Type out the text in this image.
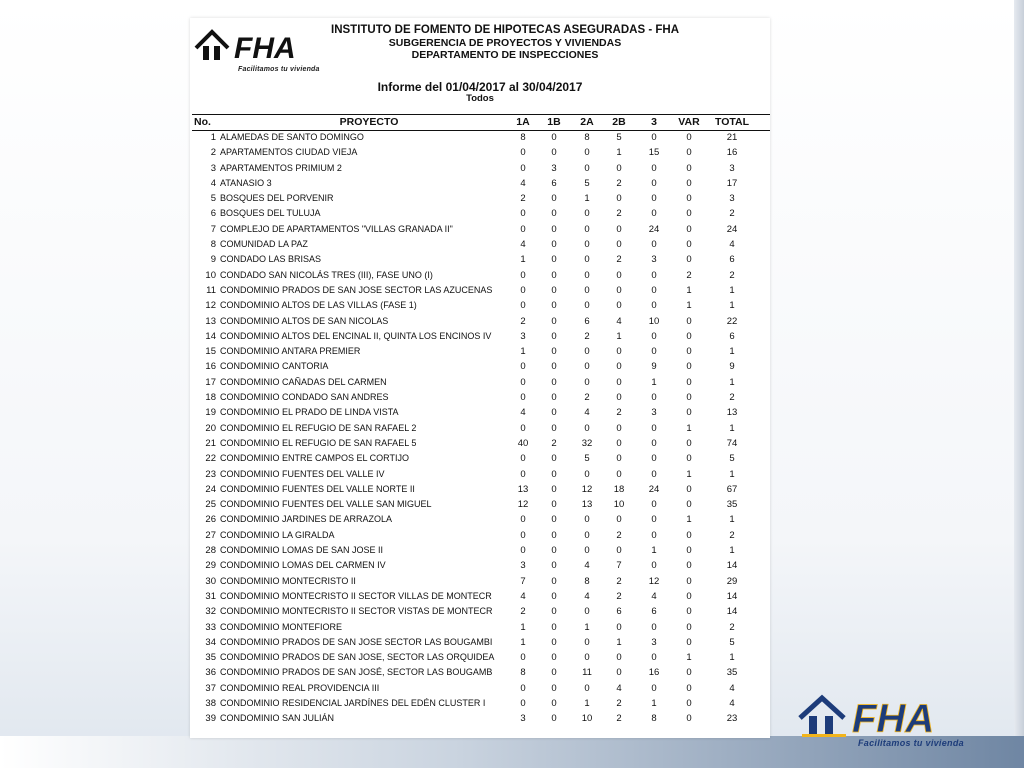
FHA
Facilitamos tu vivienda
INSTITUTO DE FOMENTO DE HIPOTECAS ASEGURADAS - FHA
SUBGERENCIA DE PROYECTOS Y VIVIENDAS
DEPARTAMENTO DE INSPECCIONES
Informe del 01/04/2017 al 30/04/2017
Todos
No.	PROYECTO	1A	1B	2A	2B	3	VAR	TOTAL
1 ALAMEDAS DE SANTO DOMINGO	8	0	8	5	0	0	21
2 APARTAMENTOS CIUDAD VIEJA	0	0	0	1	15	0	16
3 APARTAMENTOS PRIMIUM 2	0	3	0	0	0	0	3
4 ATANASIO 3	4	6	5	2	0	0	17
5 BOSQUES DEL PORVENIR	2	0	1	0	0	0	3
6 BOSQUES DEL TULUJA	0	0	0	2	0	0	2
7 COMPLEJO DE APARTAMENTOS "VILLAS GRANADA II"	0	0	0	0	24	0	24
8 COMUNIDAD LA PAZ	4	0	0	0	0	0	4
9 CONDADO LAS BRISAS	1	0	0	2	3	0	6
10 CONDADO SAN NICOLÁS TRES (III), FASE UNO (I)	0	0	0	0	0	2	2
11 CONDOMINIO PRADOS DE SAN JOSE SECTOR LAS AZUCENAS	0	0	0	0	0	1	1
12 CONDOMINIO ALTOS DE LAS VILLAS (FASE 1)	0	0	0	0	0	1	1
13 CONDOMINIO ALTOS DE SAN NICOLAS	2	0	6	4	10	0	22
14 CONDOMINIO ALTOS DEL ENCINAL II, QUINTA LOS ENCINOS IV	3	0	2	1	0	0	6
15 CONDOMINIO ANTARA PREMIER	1	0	0	0	0	0	1
16 CONDOMINIO CANTORIA	0	0	0	0	9	0	9
17 CONDOMINIO CAÑADAS DEL CARMEN	0	0	0	0	1	0	1
18 CONDOMINIO CONDADO SAN ANDRES	0	0	2	0	0	0	2
19 CONDOMINIO EL PRADO DE LINDA VISTA	4	0	4	2	3	0	13
20 CONDOMINIO EL REFUGIO DE SAN RAFAEL 2	0	0	0	0	0	1	1
21 CONDOMINIO EL REFUGIO DE SAN RAFAEL 5	40	2	32	0	0	0	74
22 CONDOMINIO ENTRE CAMPOS EL CORTIJO	0	0	5	0	0	0	5
23 CONDOMINIO FUENTES DEL VALLE IV	0	0	0	0	0	1	1
24 CONDOMINIO FUENTES DEL VALLE NORTE II	13	0	12	18	24	0	67
25 CONDOMINIO FUENTES DEL VALLE SAN MIGUEL	12	0	13	10	0	0	35
26 CONDOMINIO JARDINES DE ARRAZOLA	0	0	0	0	0	1	1
27 CONDOMINIO LA GIRALDA	0	0	0	2	0	0	2
28 CONDOMINIO LOMAS DE SAN JOSE II	0	0	0	0	1	0	1
29 CONDOMINIO LOMAS DEL CARMEN IV	3	0	4	7	0	0	14
30 CONDOMINIO MONTECRISTO II	7	0	8	2	12	0	29
31 CONDOMINIO MONTECRISTO II SECTOR VILLAS DE MONTECR	4	0	4	2	4	0	14
32 CONDOMINIO MONTECRISTO II SECTOR VISTAS DE MONTECR	2	0	0	6	6	0	14
33 CONDOMINIO MONTEFIORE	1	0	1	0	0	0	2
34 CONDOMINIO PRADOS DE SAN JOSE SECTOR LAS BOUGAMBI	1	0	0	1	3	0	5
35 CONDOMINIO PRADOS DE SAN JOSE, SECTOR LAS ORQUIDEA	0	0	0	0	0	1	1
36 CONDOMINIO PRADOS DE SAN JOSÉ, SECTOR LAS BOUGAMB	8	0	11	0	16	0	35
37 CONDOMINIO REAL PROVIDENCIA III	0	0	0	4	0	0	4
38 CONDOMINIO RESIDENCIAL JARDÍNES DEL EDÉN CLUSTER I	0	0	1	2	1	0	4
39 CONDOMINIO SAN JULIÁN	3	0	10	2	8	0	23	FHA
Facilitamos tu vivienda
